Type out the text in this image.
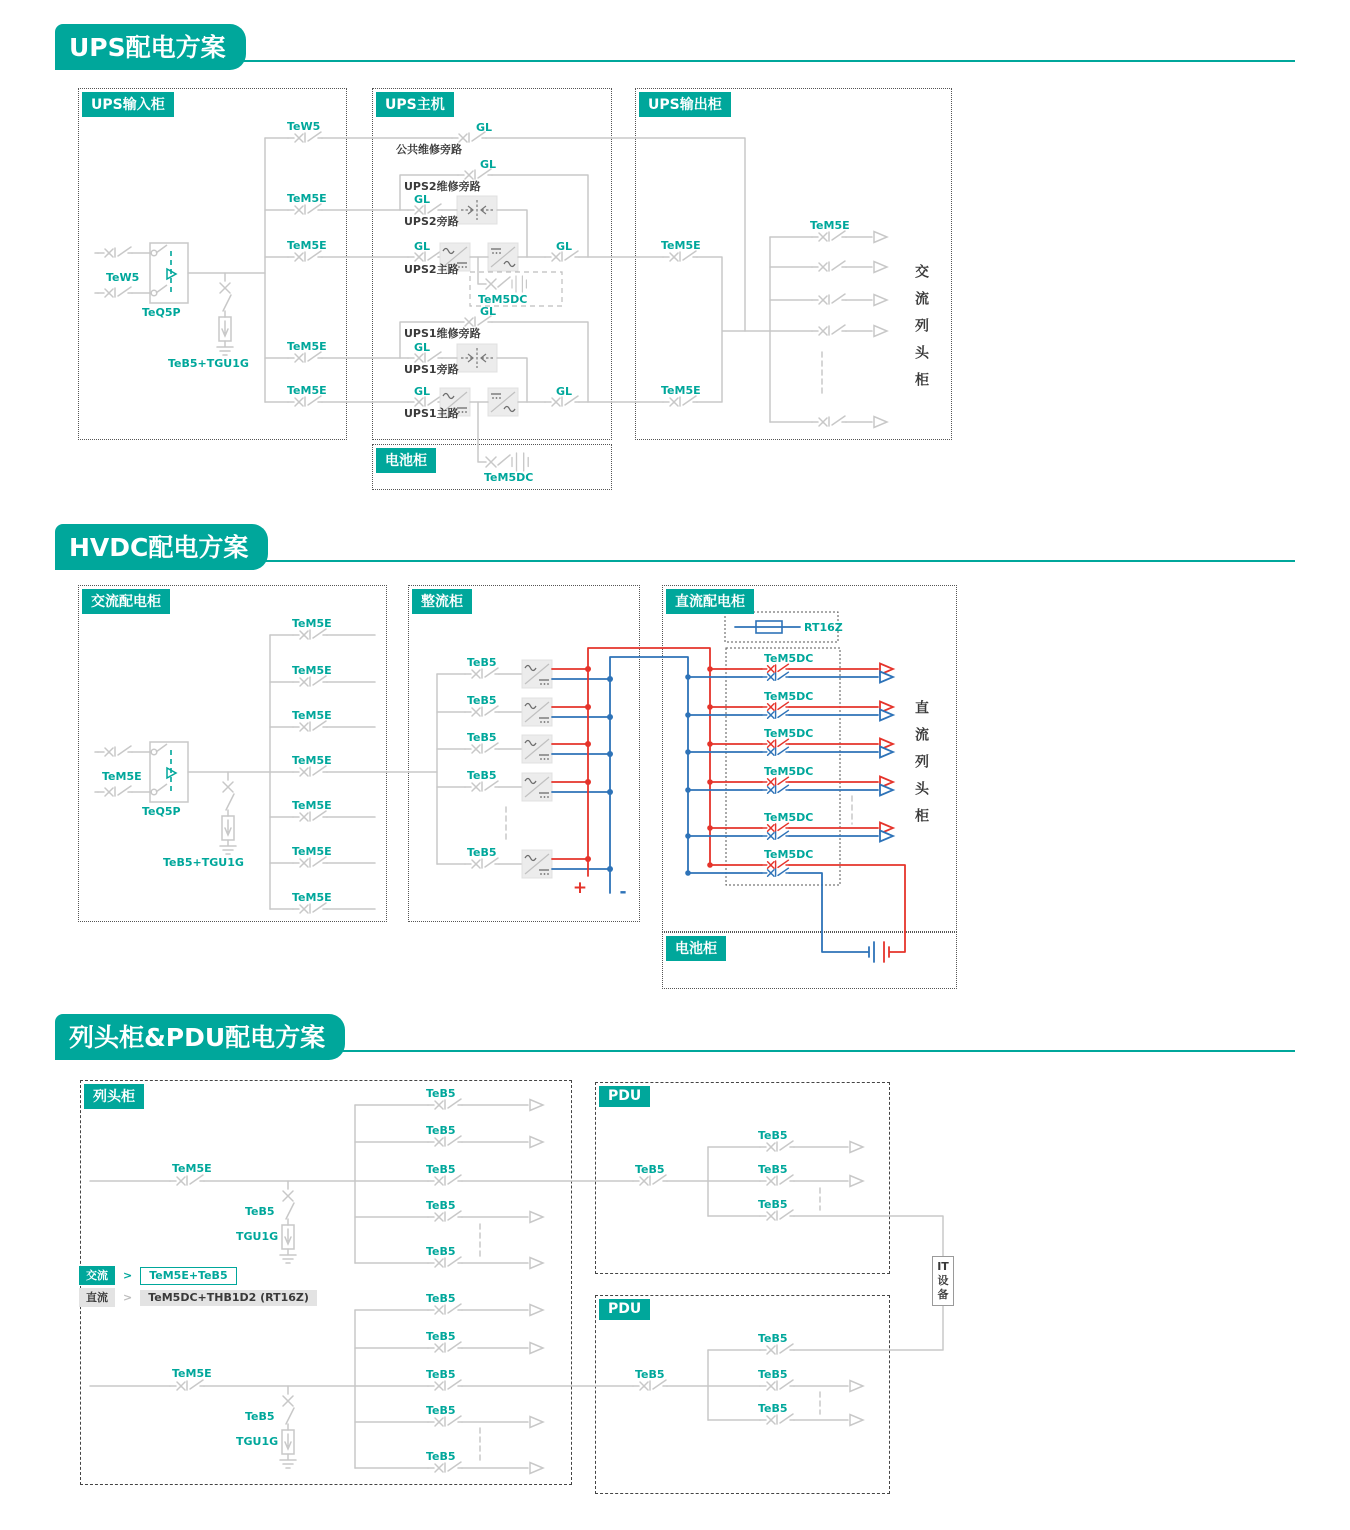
UPS配电方案
HVDC配电方案
列头柜&PDU配电方案
UPS输入柜	UPS主机
电池柜
UPS输出柜
交流列头柜
交流配电柜	整流柜	直流配电柜
电池柜
直流列头柜
列头柜	PDU
PDU
IT设备
交流	>	TeM5E+TeB5
直流	>	TeM5DC+THB1D2 (RT16Z)
TeW5
TeQ5P
TeB5+TGU1G
TeW5
TeM5E
TeM5E
TeM5E
TeM5E
GL
公共维修旁路
GL
UPS2维修旁路
GL
UPS2旁路
GL	GL
UPS2主路
TeM5DC
GL
UPS1维修旁路
GL
UPS1旁路
GL	GL
UPS1主路
TeM5DC
TeM5E
TeM5E
TeM5E
TeM5E
TeQ5P
TeB5+TGU1G
TeM5E
TeM5E
TeM5E
TeM5E
TeM5E
TeM5E
TeM5E
TeB5
TeB5
TeB5
TeB5
TeB5
+ -
RT16Z
TeM5DC
TeM5DC
TeM5DC
TeM5DC
TeM5DC
TeM5DC
TeM5E
TeB5
TGU1G
TeB5
TeB5
TeB5
TeB5
TeB5
TeM5E
TeB5
TGU1G
TeB5
TeB5
TeB5
TeB5
TeB5
TeB5
TeB5
TeB5
TeB5
TeB5
TeB5
TeB5
TeB5
